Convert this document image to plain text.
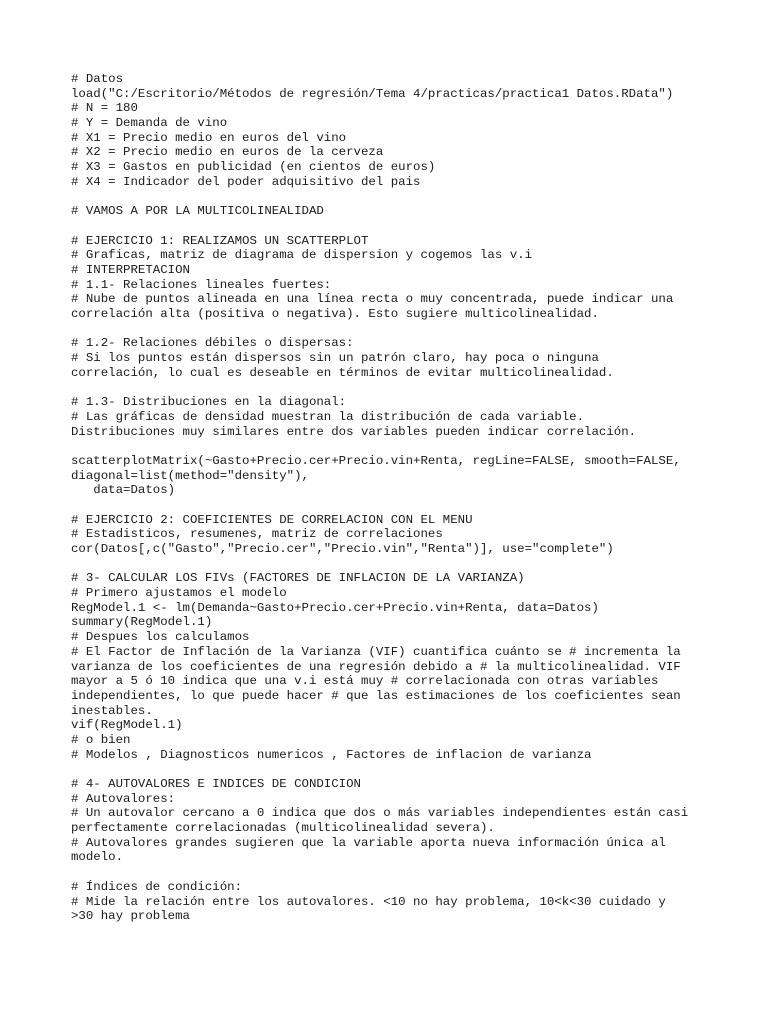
# Datos
load("C:/Escritorio/Métodos de regresión/Tema 4/practicas/practica1 Datos.RData")
# N = 180
# Y = Demanda de vino
# X1 = Precio medio en euros del vino
# X2 = Precio medio en euros de la cerveza
# X3 = Gastos en publicidad (en cientos de euros)
# X4 = Indicador del poder adquisitivo del pais
# VAMOS A POR LA MULTICOLINEALIDAD
# EJERCICIO 1: REALIZAMOS UN SCATTERPLOT
# Graficas, matriz de diagrama de dispersion y cogemos las v.i
# INTERPRETACION
# 1.1- Relaciones lineales fuertes:
# Nube de puntos alineada en una línea recta o muy concentrada, puede indicar una
correlación alta (positiva o negativa). Esto sugiere multicolinealidad.
# 1.2- Relaciones débiles o dispersas:
# Si los puntos están dispersos sin un patrón claro, hay poca o ninguna
correlación, lo cual es deseable en términos de evitar multicolinealidad.
# 1.3- Distribuciones en la diagonal:
# Las gráficas de densidad muestran la distribución de cada variable.
Distribuciones muy similares entre dos variables pueden indicar correlación.
scatterplotMatrix(~Gasto+Precio.cer+Precio.vin+Renta, regLine=FALSE, smooth=FALSE,
diagonal=list(method="density"),
data=Datos)
# EJERCICIO 2: COEFICIENTES DE CORRELACION CON EL MENU
# Estadisticos, resumenes, matriz de correlaciones
cor(Datos[,c("Gasto","Precio.cer","Precio.vin","Renta")], use="complete")
# 3- CALCULAR LOS FIVs (FACTORES DE INFLACION DE LA VARIANZA)
# Primero ajustamos el modelo
RegModel.1 <- lm(Demanda~Gasto+Precio.cer+Precio.vin+Renta, data=Datos)
summary(RegModel.1)
# Despues los calculamos
# El Factor de Inflación de la Varianza (VIF) cuantifica cuánto se # incrementa la
varianza de los coeficientes de una regresión debido a # la multicolinealidad. VIF
mayor a 5 ó 10 indica que una v.i está muy # correlacionada con otras variables
independientes, lo que puede hacer # que las estimaciones de los coeficientes sean
inestables.
vif(RegModel.1)
# o bien
# Modelos , Diagnosticos numericos , Factores de inflacion de varianza
# 4- AUTOVALORES E INDICES DE CONDICION
# Autovalores:
# Un autovalor cercano a 0 indica que dos o más variables independientes están casi
perfectamente correlacionadas (multicolinealidad severa).
# Autovalores grandes sugieren que la variable aporta nueva información única al
modelo.
# Índices de condición:
# Mide la relación entre los autovalores. <10 no hay problema, 10<k<30 cuidado y
>30 hay problema
